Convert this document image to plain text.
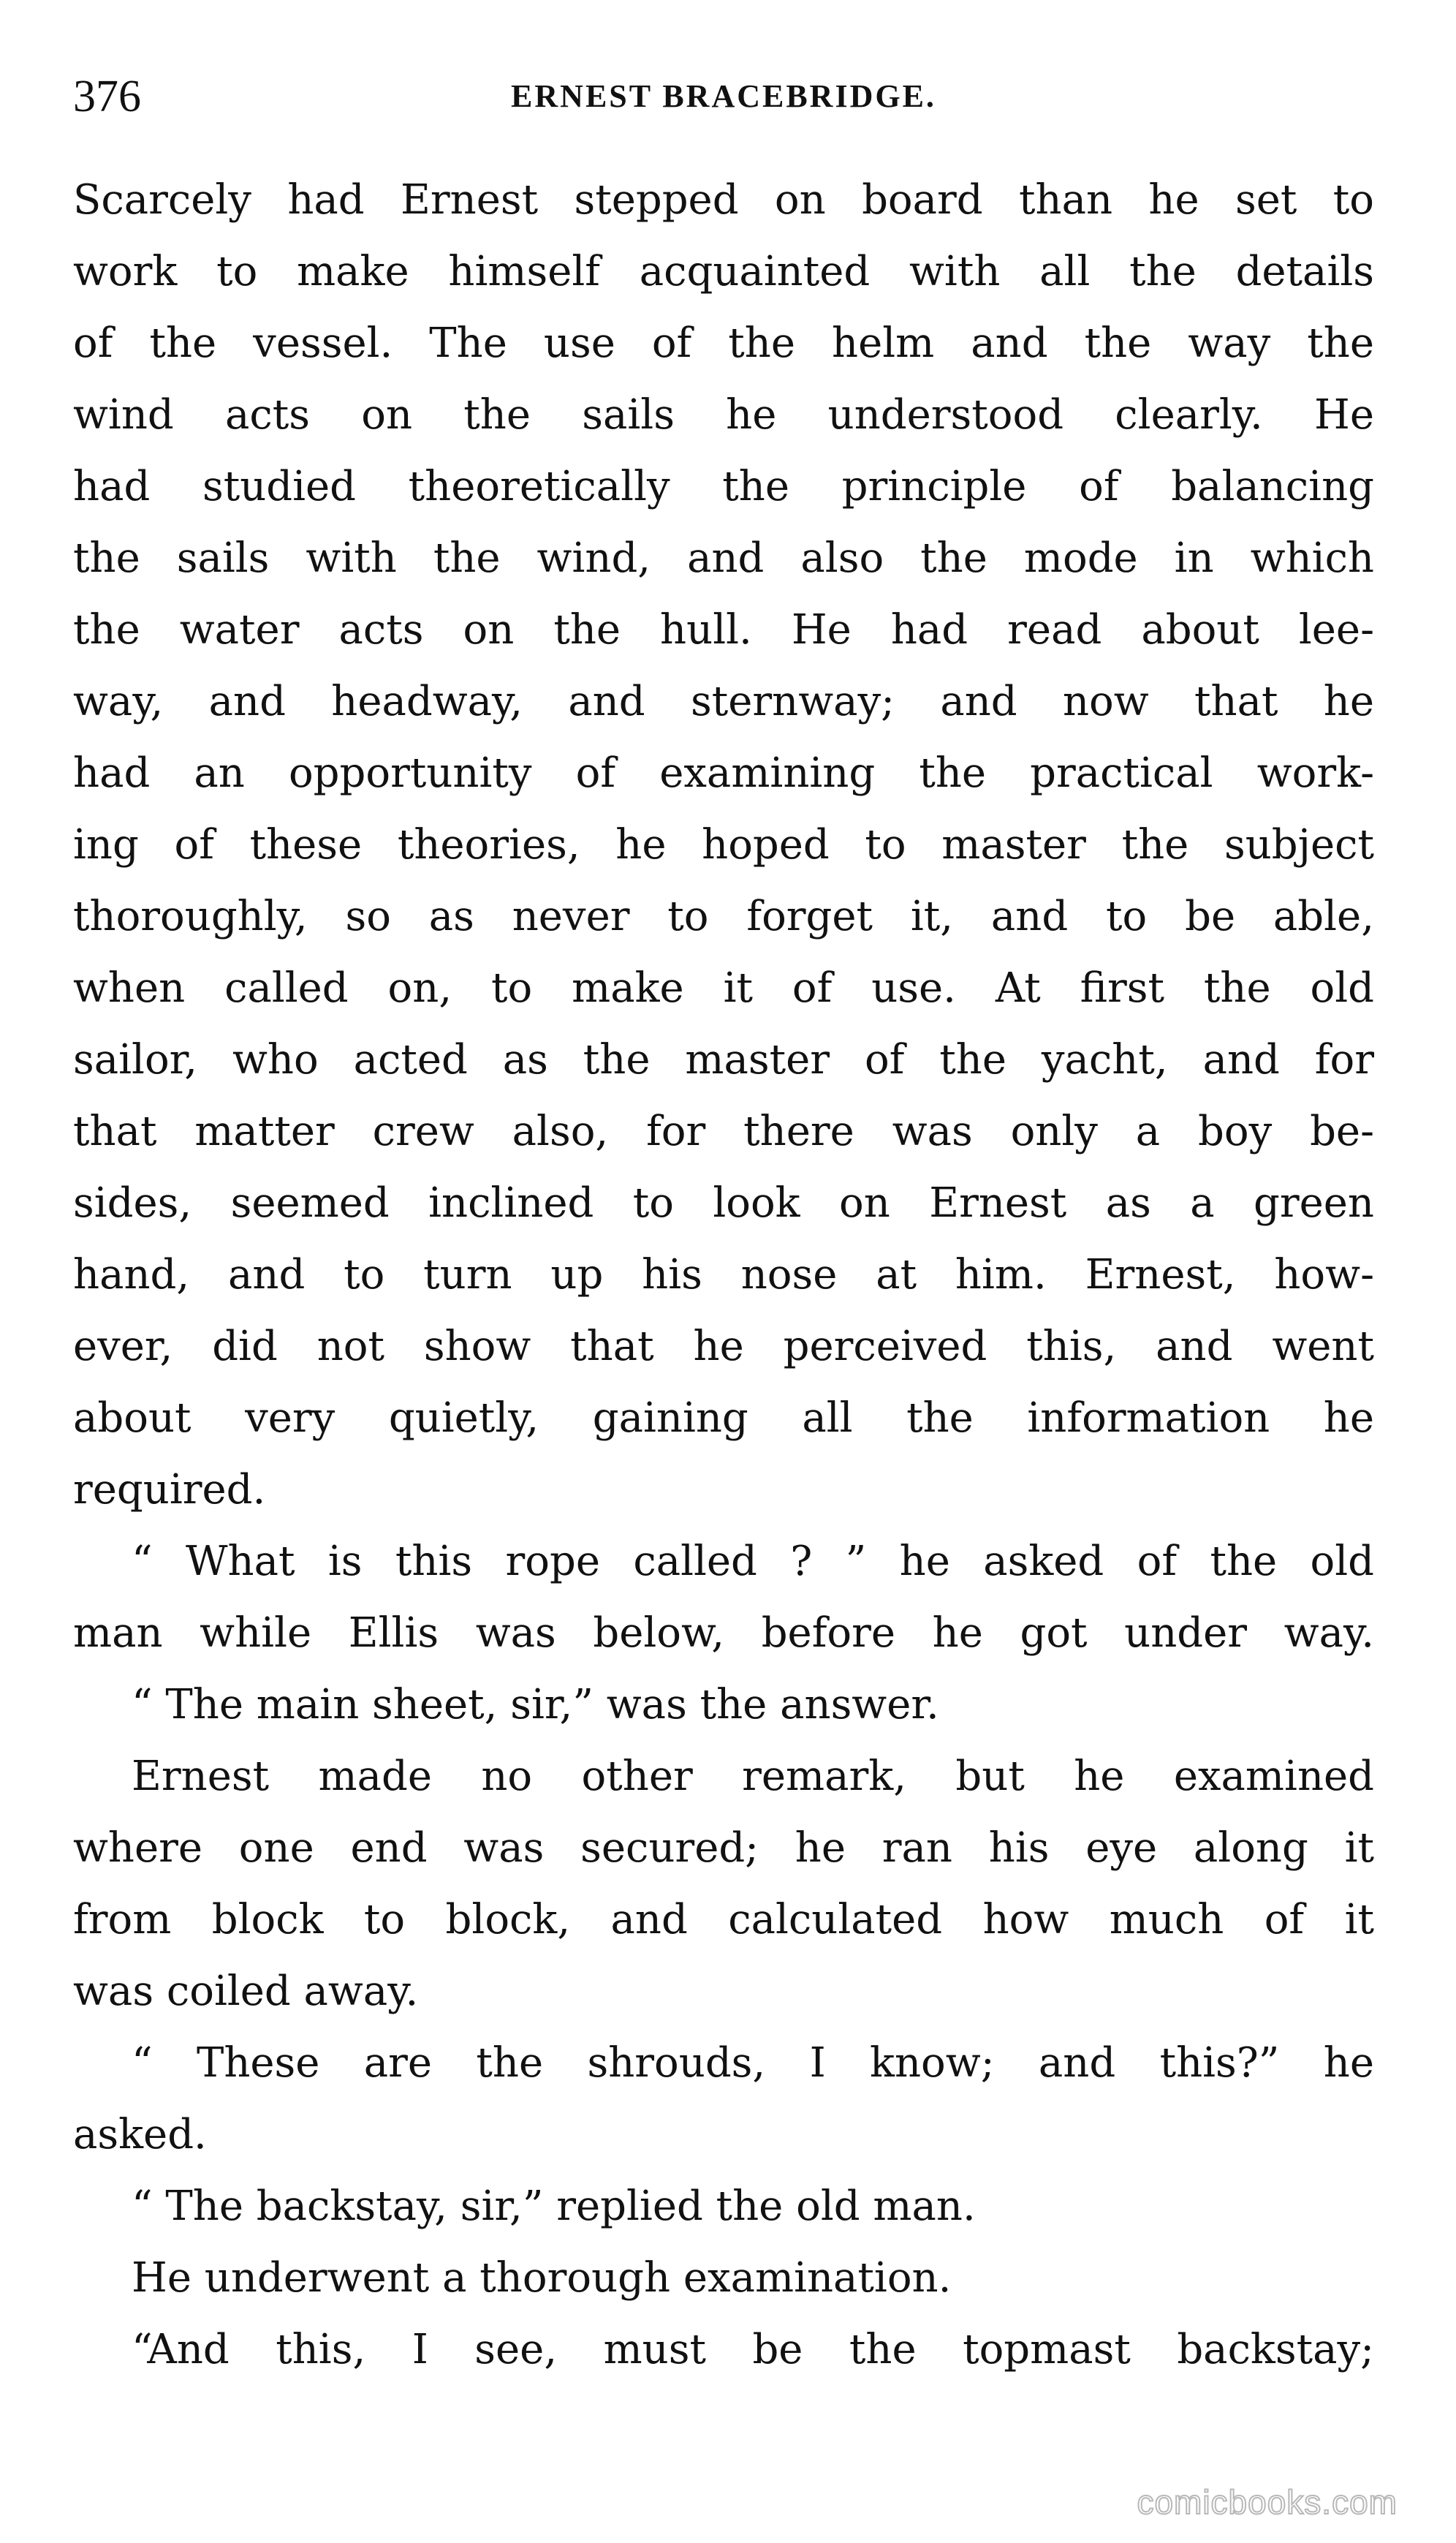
376	ERNEST BRACEBRIDGE.
Scarcely had Ernest stepped on board than he set to
work to make himself acquainted with all the details
of the vessel. The use of the helm and the way the
wind acts on the sails he understood clearly. He
had studied theoretically the principle of balancing
the sails with the wind, and also the mode in which
the water acts on the hull. He had read about lee-
way, and headway, and sternway; and now that he
had an opportunity of examining the practical work-
ing of these theories, he hoped to master the subject
thoroughly, so as never to forget it, and to be able,
when called on, to make it of use. At first the old
sailor, who acted as the master of the yacht, and for
that matter crew also, for there was only a boy be-
sides, seemed inclined to look on Ernest as a green
hand, and to turn up his nose at him. Ernest, how-
ever, did not show that he perceived this, and went
about very quietly, gaining all the information he
required.
“ What is this rope called ? ” he asked of the old
man while Ellis was below, before he got under way.
“ The main sheet, sir,” was the answer.
Ernest made no other remark, but he examined
where one end was secured; he ran his eye along it
from block to block, and calculated how much of it
was coiled away.
“ These are the shrouds, I know; and this?” he
asked.
“ The backstay, sir,” replied the old man.
He underwent a thorough examination.
“And this, I see, must be the topmast backstay;
comicbooks.com
